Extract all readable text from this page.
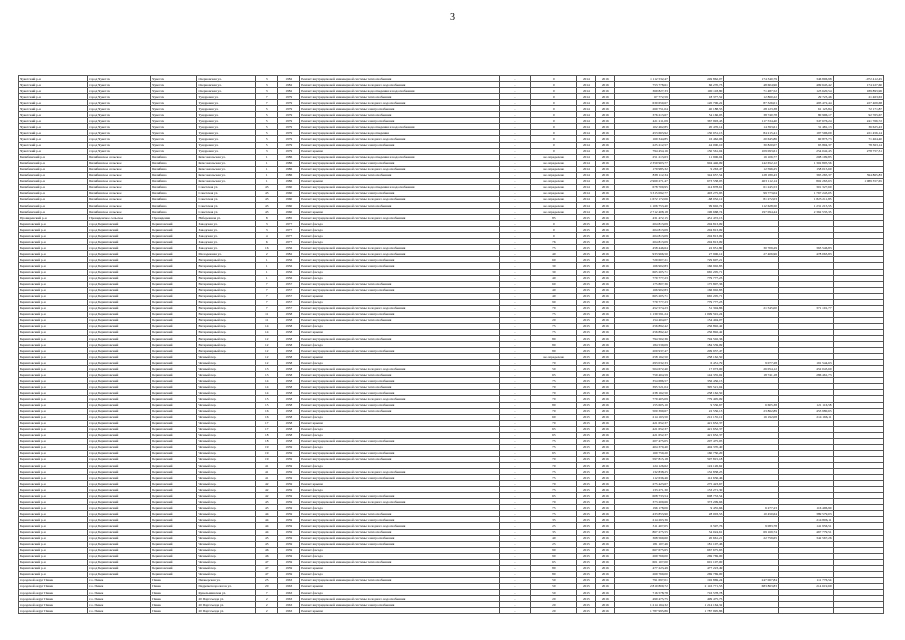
3
Чукотский р-н	город Чукотск	Чукотск	Озерновская ул.	3	1982	Ремонт внутридомовой инженерной системы теплоснабжения	-	0	2014	2016	1 112 532,47	249 862,07	174 340,79	346 806,98	-072 412,45
Чукотский р-н	город Чукотск	Чукотск	Озерновская ул.	3	1982	Ремонт внутридомовой инженерной системы холодного водоснабжения	-	0	2014	2016	753 778,61	66 270,73	48 604,96	499 645,42	174 227,60
Чукотский р-н	город Чукотск	Чукотск	Озерновская ул.	3	1982	Ремонт внутридомовой инженерной системы водоотведения и водоснабжения	-	0	2014	2016	369 827,33	100 118,80	71 487,52	123 620,54	189 893,96
Чукотский р-н	город Чукотск	Чукотск	Тундровая ул.	7	1979	Ремонт внутридомовой инженерной системы теплоснабжения	-	0	2014	2016	67 772,59	18 377,52	12 860,22	29 723,46	21 463,63
Чукотский р-н	город Чукотск	Чукотск	Тундровая ул.	7	1979	Ремонт внутридомовой инженерной системы холодного водоснабжения	-	0	2014	2016	630 650,67	120 706,22	87 326,01	495 472,44	227 409,68
Чукотский р-н	город Чукотск	Чукотск	Тундровая ул.	5	1979	Ремонт внутридомовой инженерной системы электроснабжения	-	0	2014	2016	260 751,04	40 188,55	28 123,38	61 123,84	72 171,87
Чукотский р-н	город Чукотск	Чукотск	Тундровая ул.	5	1979	Ремонт внутридомовой инженерной системы теплоснабжения	-	0	2014	2016	376 213,67	54 166,05	38 740,78	80 996,17	92 765,67
Чукотский р-н	город Чукотск	Чукотск	Тундровая ул.	5	1979	Ремонт внутридомовой инженерной системы электроснабжения	-	0	2014	2016	421 211,09	367 993,43	117 534,40	347 676,24	241 766,72
Чукотский р-н	город Чукотск	Чукотск	Тундровая ул.	5	1979	Ремонт внутридомовой инженерной системы водоотведения и водоснабжения	-	0	2014	2016	102 462,85	20 476,14	14 393,61	31 481,13	36 625,43
Чукотский р-н	город Чукотск	Чукотск	Тундровая ул.	5	1979	Ремонт внутридомовой инженерной системы водоотведения	-	0	2014	2016	453 663,92	130 031,15	84 215,41	197 596,09	221 456,14
Чукотский р-н	город Чукотск	Чукотск	Тундровая ул.	5	1979	Ремонт внутридомовой инженерной системы холодного водоснабжения	-	0	2014	2016	169 344,85	16 462,06	20 645,86	60 873,73	71 464,40
Чукотский р-н	город Чукотск	Чукотск	Тундровая ул.	5	1979	Ремонт внутридомовой инженерной системы электроснабжения	-	0	2014	2016	225 212,57	44 000,10	30 820,07	65 804,37	78 363,14
Чукотский р-н	город Чукотск	Чукотск	Тундровая ул.	3	1979	Ремонт крыши	-	0	2014	2016	794 454,16	150 561,04	109 093,61	254 042,45	278 757,31
Билибинский р-н	Билибинское сельское	Билибино	Комсомольская ул.	1	1986	Ремонт внутридомовой инженерной системы водоотведения и водоснабжения	-	не определено	2014	2016	251 213,63	11 906,04	16 106,77	208 199,85	
Билибинский р-н	Билибинское сельское	Билибино	Комсомольская ул.	1	1986	Ремонт внутридомовой инженерной системы электроснабжения	-	не определено	2014	2016	2 359 903,77	904 446,09	142 652,12	1 302 805,56	
Билибинский р-н	Билибинское сельское	Билибино	Комсомольская ул.	1	1986	Ремонт внутридомовой инженерной системы холодного водоснабжения	-	не определено	2014	2016	179 985,32	9 263,47	12 596,25	158 015,60	
Билибинский р-н	Билибинское сельское	Билибино	Комсомольская ул.	1	1986	Ремонт внутридомовой инженерной системы теплоснабжения	-	не определено	2014	2016	838 112,34	344 657,54	128 189,43	365 265,37	594 865,83
Билибинский р-н	Билибинское сельское	Билибино	Комсомольская ул.	1	1986	Ремонт крыши	-	не определено	2014	2016	2 969 271,47	673 538,05	403 112,14	802 263,63	1 089 357,65
Билибинский р-н	Билибинское сельское	Билибино	Советская ул.	43	1960	Ремонт внутридомовой инженерной системы водоотведения и водоснабжения	-	не определено	2014	2016	678 709,95	114 878,61	61 245,53	301 327,60	
Билибинский р-н	Билибинское сельское	Билибино	Советская ул.	43	1960	Ремонт внутридомовой инженерной системы электроснабжения	-	не определено	2014	2016	3 315 092,77	493 275,95	99 773,04	1 767 243,05	
Билибинский р-н	Билибинское сельское	Билибино	Советская ул.	43	1960	Ремонт внутридомовой инженерной системы холодного водоснабжения	-	не определено	2014	2016	1 672 172,06	-68 032,12	81 272,03	1 823 211,83	
Билибинский р-н	Билибинское сельское	Билибино	Советская ул.	43	1960	Ремонт внутридомовой инженерной системы теплоснабжения	-	не определено	2014	2016	1 106 753,40	99 602,72	112 628,50	1 231 215,55	
Билибинский р-н	Билибинское сельское	Билибино	Советская ул.	43	1960	Ремонт крыши	-	не определено	2014	2016	2 712 408,18	196 668,74	197 094,44	2 362 535,35	
Провиденский р-н	Провиденское сельское	Провидения	Набережная ул.	8	1985	Ремонт внутридомовой инженерной системы холодного водоснабжения	-	85	2015	2016	431 472,15	431 472,15			
Беринговский р-н	город Беринговский	Беринговский	Заводская ул.	3	1977	Ремонт фасада	-	0	2015	2016	204 813,09	204 813,09			
Беринговский р-н	город Беринговский	Беринговский	Заводская ул.	3	1977	Ремонт фасада	-	0	2015	2016	204 813,09	204 813,09			
Беринговский р-н	город Беринговский	Беринговский	Заводская ул.	4	1977	Ремонт фасада	-	0	2015	2016	204 813,09	204 813,09			
Беринговский р-н	город Беринговский	Беринговский	Заводская ул.	6	1977	Ремонт фасада	-	76	2015	2016	204 813,09	204 813,09			
Беринговский р-н	город Беринговский	Беринговский	Заводская ул.	16	1956	Ремонт внутридомовой инженерной системы холодного водоснабжения	-	75	2015	2016	458 446,64	22 951,80	30 709,29	363 546,83	
Беринговский р-н	город Беринговский	Беринговский	Молодежная ул.	2	1982	Ремонт внутридомовой инженерной системы холодного водоснабжения	-	40	2015	2016	933 966,50	27 906,12	27 406,96	478 063,83	
Беринговский р-н	город Беринговский	Беринговский	Ветеринарный пер.	1	1956	Ремонт внутридомовой инженерной системы электроснабжения	-	60	2015	2016	729 607,21	729 607,21			
Беринговский р-н	город Беринговский	Беринговский	Ветеринарный пер.	1	1956	Ремонт внутридомовой инженерной системы электроснабжения	-	30	2015	2016	166 902,83	166 902,83			
Беринговский р-н	город Беринговский	Беринговский	Ветеринарный пер.	1	1956	Ремонт фасада	-	30	2015	2016	665 205,71	665 205,71			
Беринговский р-н	город Беринговский	Беринговский	Ветеринарный пер.	1	1956	Ремонт фасада	-	40	2015	2016	779 777,23	779 777,23			
Беринговский р-н	город Беринговский	Беринговский	Ветеринарный пер.	7	1957	Ремонт внутридомовой инженерной системы теплоснабжения	-	60	2015	2016	175 807,36	175 807,36			
Беринговский р-н	город Беринговский	Беринговский	Ветеринарный пер.	7	1957	Ремонт внутридомовой инженерной системы электроснабжения	-	40	2015	2016	166 902,83	166 902,83			
Беринговский р-н	город Беринговский	Беринговский	Ветеринарный пер.	7	1957	Ремонт крыши	-	40	2015	2016	665 205,71	665 205,71			
Беринговский р-н	город Беринговский	Беринговский	Ветеринарный пер.	7	1957	Ремонт фасада	-	90	2015	2016	779 777,23	779 777,23			
Беринговский р-н	город Беринговский	Беринговский	Ветеринарный пер.	7	1957	Ремонт внутридомовой инженерной системы холодного водоснабжения	-	70	2015	2016	452 574,23	31 304,86	21 545,00	371 101,77	
Беринговский р-н	город Беринговский	Беринговский	Ветеринарный пер.	11	1958	Ремонт внутридомовой инженерной системы электроснабжения	-	75	2015	2016	1 139 591,24	1 099 591,24			
Беринговский р-н	город Беринговский	Беринговский	Ветеринарный пер.	11	1958	Ремонт внутридомовой инженерной системы теплоснабжения	-	20	2015	2016	154 404,07	154 404,07			
Беринговский р-н	город Беринговский	Беринговский	Ветеринарный пер.	14	1958	Ремонт фасада	-	75	2015	2016	256 892,42	256 892,42			
Беринговский р-н	город Беринговский	Беринговский	Ветеринарный пер.	14	1958	Ремонт крыши	-	75	2015	2016	256 892,42	256 892,42			
Беринговский р-н	город Беринговский	Беринговский	Ветеринарный пер.	12	1958	Ремонт внутридомовой инженерной системы теплоснабжения	-	80	2015	2016	794 502,36	794 502,36			
Беринговский р-н	город Беринговский	Беринговский	Ветеринарный пер.	12	1958	Ремонт фасада	-	80	2015	2016	184 539,09	184 539,09			
Беринговский р-н	город Беринговский	Беринговский	Ветеринарный пер.	12	1958	Ремонт внутридомовой инженерной системы электроснабжения	-	80	2015	2016	209 937,47	209 937,47			
Беринговский р-н	город Беринговский	Беринговский	Чечный пер.	12	1958	Ремонт крыши	-	не определено	2015	2016	258 162,50	258 162,50			
Беринговский р-н	город Беринговский	Беринговский	Чечный пер.	12	1958	Ремонт фасада	-	70	2015	2016	293 032,33	6 451,79	9 077,28	191 544,63	
Беринговский р-н	город Беринговский	Беринговский	Чечный пер.	13	1958	Ремонт внутридомовой инженерной системы холодного водоснабжения	-	50	2015	2016	504 672,40	17 073,00	26 054,12	452 043,60	
Беринговский р-н	город Беринговский	Беринговский	Чечный пер.	13	1958	Ремонт внутридомовой инженерной системы теплоснабжения	-	65	2015	2016	759 404,59	144 335,02	18 741,18	286 461,73	
Беринговский р-н	город Беринговский	Беринговский	Чечный пер.	14	1958	Ремонт внутридомовой инженерной системы электроснабжения	-	75	2015	2016	354 686,57	356 456,15			
Беринговский р-н	город Беринговский	Беринговский	Чечный пер.	14	1958	Ремонт внутридомовой инженерной системы теплоснабжения	-	70	2015	2016	395 521,04	395 521,04			
Беринговский р-н	город Беринговский	Беринговский	Чечный пер.	14	1958	Ремонт внутридомовой инженерной системы электроснабжения	-	70	2015	2016	238 162,50	238 162,50			
Беринговский р-н	город Беринговский	Беринговский	Чечный пер.	15	1958	Ремонт внутридомовой инженерной системы холодного водоснабжения	-	70	2015	2016	779 405,09	779 405,09			
Беринговский р-н	город Беринговский	Беринговский	Чечный пер.	15	1958	Ремонт внутридомовой инженерной системы электроснабжения	-	80	2015	2016	155 605,10	9 536,67	6 605,38	121 116,58	
Беринговский р-н	город Беринговский	Беринговский	Чечный пер.	16	1958	Ремонт внутридомовой инженерной системы теплоснабжения	-	70	2015	2016	500 399,67	22 556,13	23 862,89	453 980,65	
Беринговский р-н	город Беринговский	Беринговский	Чечный пер.	16	1958	Ремонт фасада	-	60	2015	2016	214 163,50	212 155,12	16 192,08	214 166,11	
Беринговский р-н	город Беринговский	Беринговский	Чечный пер.	17	1958	Ремонт крыши	-	70	2015	2016	421 652,37	421 652,37			
Беринговский р-н	город Беринговский	Беринговский	Чечный пер.	17	1958	Ремонт фасада	-	65	2015	2016	421 652,37	421 652,37			
Беринговский р-н	город Беринговский	Беринговский	Чечный пер.	18	1958	Ремонт фасада	-	65	2015	2016	421 652,37	421 652,37			
Беринговский р-н	город Беринговский	Беринговский	Чечный пер.	18	1958	Ремонт внутридомовой инженерной системы электроснабжения	-	75	2015	2016	207 475,05	207 475,05			
Беринговский р-н	город Беринговский	Беринговский	Чечный пер.	19	1959	Ремонт фасада	-	75	2015	2016	404 370,40	404 370,40			
Беринговский р-н	город Беринговский	Беринговский	Чечный пер.	19	1959	Ремонт внутридомовой инженерной системы электроснабжения	-	65	2015	2016	160 750,20	160 750,20			
Беринговский р-н	город Беринговский	Беринговский	Чечный пер.	19	1959	Ремонт внутридомовой инженерной системы теплоснабжения	-	70	2015	2016	597 815,18	597 815,18			
Беринговский р-н	город Беринговский	Беринговский	Чечный пер.	41	1959	Ремонт фасада	-	70	2015	2016	124 126,62	124 126,62			
Беринговский р-н	город Беринговский	Беринговский	Чечный пер.	41	1959	Ремонт внутридомовой инженерной системы холодного водоснабжения	-	75	2015	2016	132 838,25	132 838,25			
Беринговский р-н	город Беринговский	Беринговский	Чечный пер.	41	1959	Ремонт внутридомовой инженерной системы электроснабжения	-	75	2015	2016	112 636,46	112 636,46			
Беринговский р-н	город Беринговский	Беринговский	Чечный пер.	42	1959	Ремонт крыши	-	70	2015	2016	275 423,67	275 423,67			
Беринговский р-н	город Беринговский	Беринговский	Чечный пер.	42	1959	Ремонт фасада	-	75	2015	2016	133 271,30	133 271,30			
Беринговский р-н	город Беринговский	Беринговский	Чечный пер.	42	1959	Ремонт внутридомовой инженерной системы электроснабжения	-	65	2015	2016	608 733,54	608 733,54			
Беринговский р-н	город Беринговский	Беринговский	Чечный пер.	43	1959	Ремонт внутридомовой инженерной системы холодного водоснабжения	-	70	2015	2016	373 209,66	373 209,66			
Беринговский р-н	город Беринговский	Беринговский	Чечный пер.	43	1959	Ремонт фасада	-	75	2015	2016	196 178,06	9 455,66	6 277,23	116 496,90	
Беринговский р-н	город Беринговский	Беринговский	Чечный пер.	44	1959	Ремонт внутридомовой инженерной системы теплоснабжения	-	75	2015	2016	433 853,90	28 003,53	10 450,64	389 579,03	
Беринговский р-н	город Беринговский	Беринговский	Чечный пер.	44	1959	Ремонт внутридомовой инженерной системы электроснабжения	-	35	2015	2016	214 263,36			214 806,11	
Беринговский р-н	город Беринговский	Беринговский	Чечный пер.	44	1959	Ремонт внутридомовой инженерной системы холодного водоснабжения	-	25	2015	2016	311 407,05	6 597,76	9 083,78	141 956,51	
Беринговский р-н	город Беринговский	Беринговский	Чечный пер.	44	1959	Ремонт внутридомовой инженерной системы теплоснабжения	-	35	2015	2016	867 275,55	34 024,61	69 169,74	467 779,51	
Беринговский р-н	город Беринговский	Беринговский	Чечный пер.	45	1959	Ремонт внутридомовой инженерной системы электроснабжения	-	40	2015	2016	368 569,60	20 661,21	22 759,65	342 567,26	
Беринговский р-н	город Беринговский	Беринговский	Чечный пер.	45	1959	Ремонт внутридомовой инженерной системы электроснабжения	-	25	2015	2016	181 107,46	181 107,46			
Беринговский р-н	город Беринговский	Беринговский	Чечный пер.	46	1959	Ремонт фасада	-	90	2015	2016	667 675,65	667 675,65			
Беринговский р-н	город Беринговский	Беринговский	Чечный пер.	46	1959	Ремонт фасада	-	90	2015	2016	269 769,00	269 769,00			
Беринговский р-н	город Беринговский	Беринговский	Чечный пер.	47	1959	Ремонт внутридомовой инженерной системы теплоснабжения	-	65	2015	2016	601 107,00	601 107,00			
Беринговский р-н	город Беринговский	Беринговский	Чечный пер.	47	1959	Ремонт крыши	-	80	2015	2016	477 223,49	477 223,49			
Беринговский р-н	город Беринговский	Беринговский	Чечный пер.	47	1959	Ремонт фасада	-	80	2015	2016	269 769,00	269 769,00			
городской округ Певек	г.о. Певек	Певек	Пионерская ул.	25	1963	Ремонт внутридомовой инженерной системы теплоснабжения	-	50	2015	2016	791 697,01	192 869,24	247 067,84	111 776,54	
городской округ Певек	г.о. Певек	Певек	Гидрометеорологов ул.	20	1963	Ремонт крыши	-	50	2015	2016	2 810 809,72	2 116 771,53	683 863,83	214 619,69	
городской округ Певек	г.о. Певек	Певек	Кунельшинская ул.	7	1963	Ремонт фасада	-	50	2015	2016	716 578,78	716 578,78			
городской округ Певек	г.о. Певек	Певек	20 Партсъезда ул.	2	1963	Ремонт внутридомовой инженерной системы холодного водоснабжения	-	20	2015	2016	499 475,75	499 475,75			
городской округ Певек	г.о. Певек	Певек	20 Партсъезда ул.	2	1963	Ремонт внутридомовой инженерной системы электроснабжения	-	20	2015	2016	1 214 164,32	1 214 164,32			
городской округ Певек	г.о. Певек	Певек	20 Партсъезда ул.	2	1963	Ремонт крыши	-	20	2015	2016	1 787 995,86	1 787 995,86			
